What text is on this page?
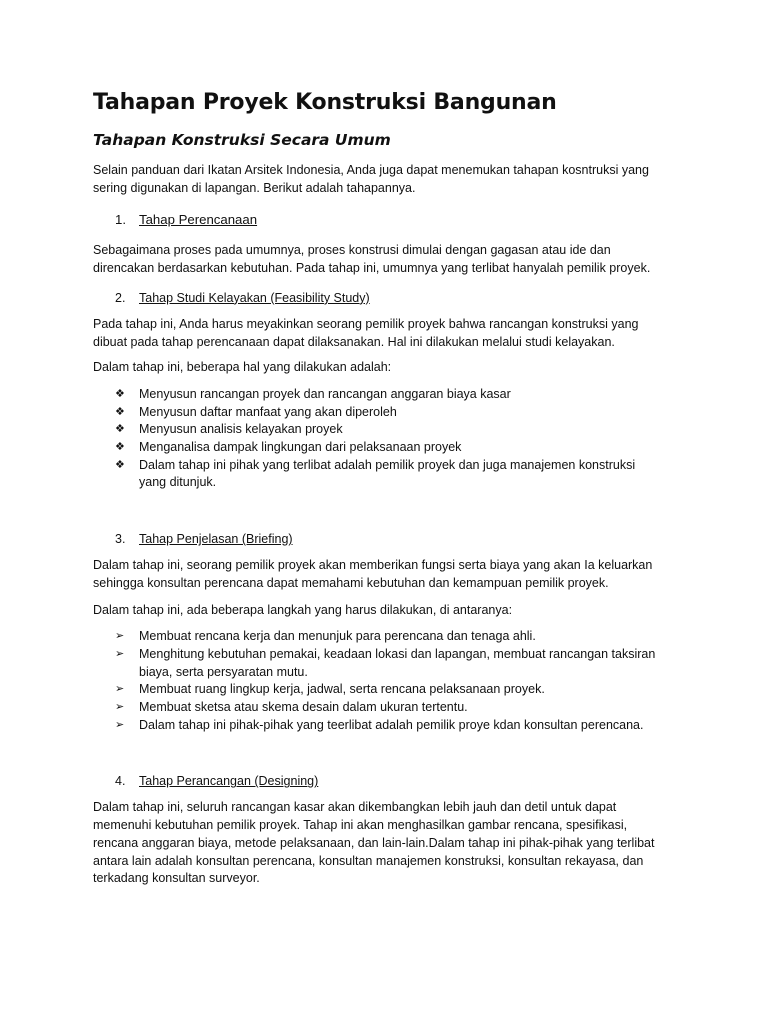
Tahapan Proyek Konstruksi Bangunan
Tahapan Konstruksi Secara Umum

Selain panduan dari Ikatan Arsitek Indonesia, Anda juga dapat menemukan tahapan kosntruksi yang
sering digunakan di lapangan. Berikut adalah tahapannya.

1. Tahap Perencanaan

Sebagaimana proses pada umumnya, proses konstrusi dimulai dengan gagasan atau ide dan
direncakan berdasarkan kebutuhan. Pada tahap ini, umumnya yang terlibat hanyalah pemilik proyek.

2.	Tahap Studi Kelayakan (Feasibility Study)

Pada tahap ini, Anda harus meyakinkan seorang pemilik proyek bahwa rancangan konstruksi yang
dibuat pada tahap perencanaan dapat dilaksanakan. Hal ini dilakukan melalui studi kelayakan.

Dalam tahap ini, beberapa hal yang dilakukan adalah:

❖	Menyusun rancangan proyek dan rancangan anggaran biaya kasar
❖	Menyusun daftar manfaat yang akan diperoleh
❖	Menyusun analisis kelayakan proyek
❖	Menganalisa dampak lingkungan dari pelaksanaan proyek
❖	Dalam tahap ini pihak yang terlibat adalah pemilik proyek dan juga manajemen konstruksi
yang ditunjuk.
3.	Tahap Penjelasan (Briefing)

Dalam tahap ini, seorang pemilik proyek akan memberikan fungsi serta biaya yang akan Ia keluarkan
sehingga konsultan perencana dapat memahami kebutuhan dan kemampuan pemilik proyek.

Dalam tahap ini, ada beberapa langkah yang harus dilakukan, di antaranya:

➢	Membuat rencana kerja dan menunjuk para perencana dan tenaga ahli.
➢	Menghitung kebutuhan pemakai, keadaan lokasi dan lapangan, membuat rancangan taksiran
biaya, serta persyaratan mutu.
➢	Membuat ruang lingkup kerja, jadwal, serta rencana pelaksanaan proyek.
➢	Membuat sketsa atau skema desain dalam ukuran tertentu.
➢	Dalam tahap ini pihak-pihak yang teerlibat adalah pemilik proye kdan konsultan perencana.
4.	Tahap Perancangan (Designing)

Dalam tahap ini, seluruh rancangan kasar akan dikembangkan lebih jauh dan detil untuk dapat
memenuhi kebutuhan pemilik proyek. Tahap ini akan menghasilkan gambar rencana, spesifikasi,
rencana anggaran biaya, metode pelaksanaan, dan lain-lain.Dalam tahap ini pihak-pihak yang terlibat
antara lain adalah konsultan perencana, konsultan manajemen konstruksi, konsultan rekayasa, dan
terkadang konsultan surveyor.
